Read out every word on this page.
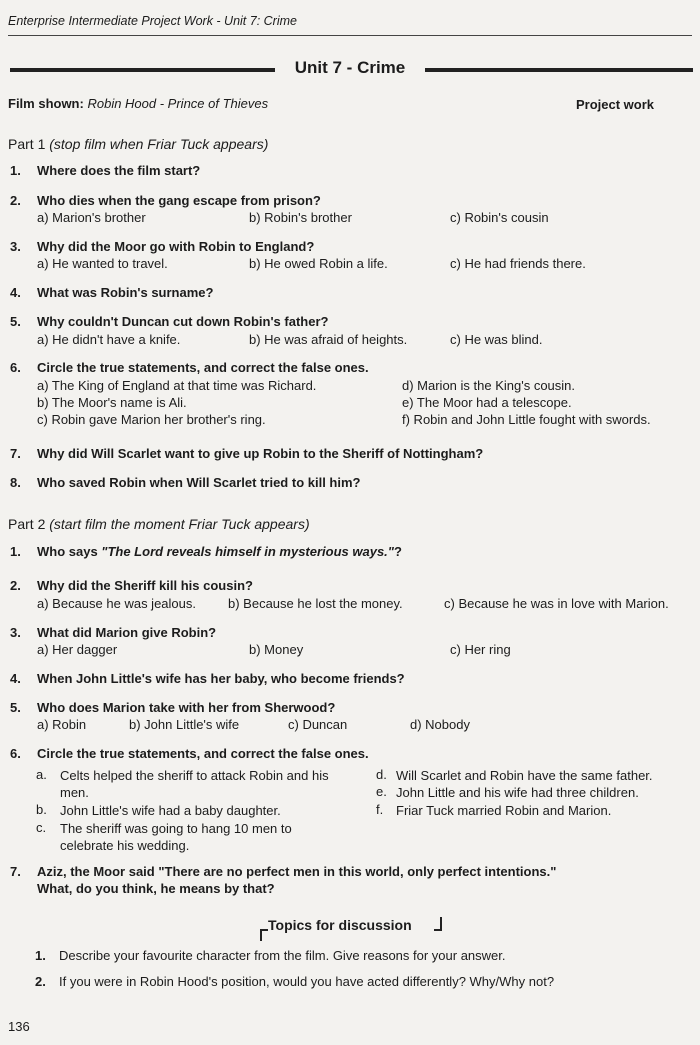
Enterprise Intermediate Project Work - Unit 7: Crime
Unit 7 - Crime
Film shown: Robin Hood - Prince of Thieves	Project work
Part 1 (stop film when Friar Tuck appears)
1. Where does the film start?
2. Who dies when the gang escape from prison?
a) Marion's brother	b) Robin's brother	c) Robin's cousin
3. Why did the Moor go with Robin to England?
a) He wanted to travel.	b) He owed Robin a life.	c) He had friends there.
4. What was Robin's surname?
5. Why couldn't Duncan cut down Robin's father?
a) He didn't have a knife.	b) He was afraid of heights.	c) He was blind.
6. Circle the true statements, and correct the false ones.
a) The King of England at that time was Richard.
b) The Moor's name is Ali.
c) Robin gave Marion her brother's ring.
d) Marion is the King's cousin.
e) The Moor had a telescope.
f) Robin and John Little fought with swords.
7. Why did Will Scarlet want to give up Robin to the Sheriff of Nottingham?
8. Who saved Robin when Will Scarlet tried to kill him?
Part 2 (start film the moment Friar Tuck appears)
1. Who says "The Lord reveals himself in mysterious ways."?
2. Why did the Sheriff kill his cousin?
a) Because he was jealous. b) Because he lost the money.	c) Because he was in love with Marion.
3. What did Marion give Robin?
a) Her dagger	b) Money	c) Her ring
4. When John Little's wife has her baby, who become friends?
5. Who does Marion take with her from Sherwood?
a) Robin	b) John Little's wife	c) Duncan	d) Nobody
6. Circle the true statements, and correct the false ones.
a. Celts helped the sheriff to attack Robin and his men.
b. John Little's wife had a baby daughter.
c. The sheriff was going to hang 10 men to celebrate his wedding.
d. Will Scarlet and Robin have the same father.
e. John Little and his wife had three children.
f. Friar Tuck married Robin and Marion.
7. Aziz, the Moor said "There are no perfect men in this world, only perfect intentions."
What, do you think, he means by that?
Topics for discussion
1. Describe your favourite character from the film. Give reasons for your answer.
2. If you were in Robin Hood's position, would you have acted differently? Why/Why not?
136
